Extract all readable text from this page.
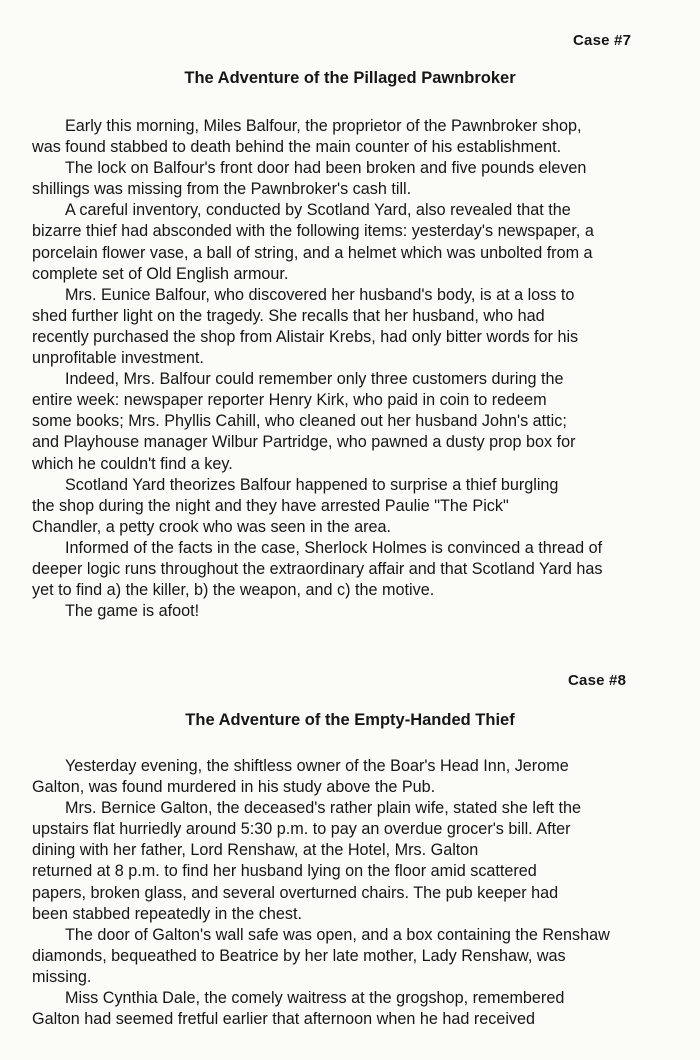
Case #7
The Adventure of the Pillaged Pawnbroker

Early this morning, Miles Balfour, the proprietor of the Pawnbroker shop,
was found stabbed to death behind the main counter of his establishment.

The lock on Balfour's front door had been broken and five pounds eleven
shillings was missing from the Pawnbroker's cash till.

A careful inventory, conducted by Scotland Yard, also revealed that the
bizarre thief had absconded with the following items: yesterday's newspaper, a
porcelain flower vase, a ball of string, and a helmet which was unbolted from a
complete set of Old English armour.

Mrs. Eunice Balfour, who discovered her husband's body, is at a loss to
shed further light on the tragedy. She recalls that her husband, who had
recently purchased the shop from Alistair Krebs, had only bitter words for his
unprofitable investment.

Indeed, Mrs. Balfour could remember only three customers during the
entire week: newspaper reporter Henry Kirk, who paid in coin to redeem
some books; Mrs. Phyllis Cahill, who cleaned out her husband John's attic;
and Playhouse manager Wilbur Partridge, who pawned a dusty prop box for
which he couldn't find a key.

Scotland Yard theorizes Balfour happened to surprise a thief burgling
the shop during the night and they have arrested Paulie "The Pick"
Chandler, a petty crook who was seen in the area.

Informed of the facts in the case, Sherlock Holmes is convinced a thread of
deeper logic runs throughout the extraordinary affair and that Scotland Yard has
yet to find a) the killer, b) the weapon, and c) the motive.

The game is afoot!

Case #8
The Adventure of the Empty-Handed Thief

Yesterday evening, the shiftless owner of the Boar's Head Inn, Jerome
Galton, was found murdered in his study above the Pub.

Mrs. Bernice Galton, the deceased's rather plain wife, stated she left the
upstairs flat hurriedly around 5:30 p.m. to pay an overdue grocer's bill. After
dining with her father, Lord Renshaw, at the Hotel, Mrs. Galton
returned at 8 p.m. to find her husband lying on the floor amid scattered
papers, broken glass, and several overturned chairs. The pub keeper had
been stabbed repeatedly in the chest.

The door of Galton's wall safe was open, and a box containing the Renshaw
diamonds, bequeathed to Beatrice by her late mother, Lady Renshaw, was
missing.

Miss Cynthia Dale, the comely waitress at the grogshop, remembered
Galton had seemed fretful earlier that afternoon when he had received
